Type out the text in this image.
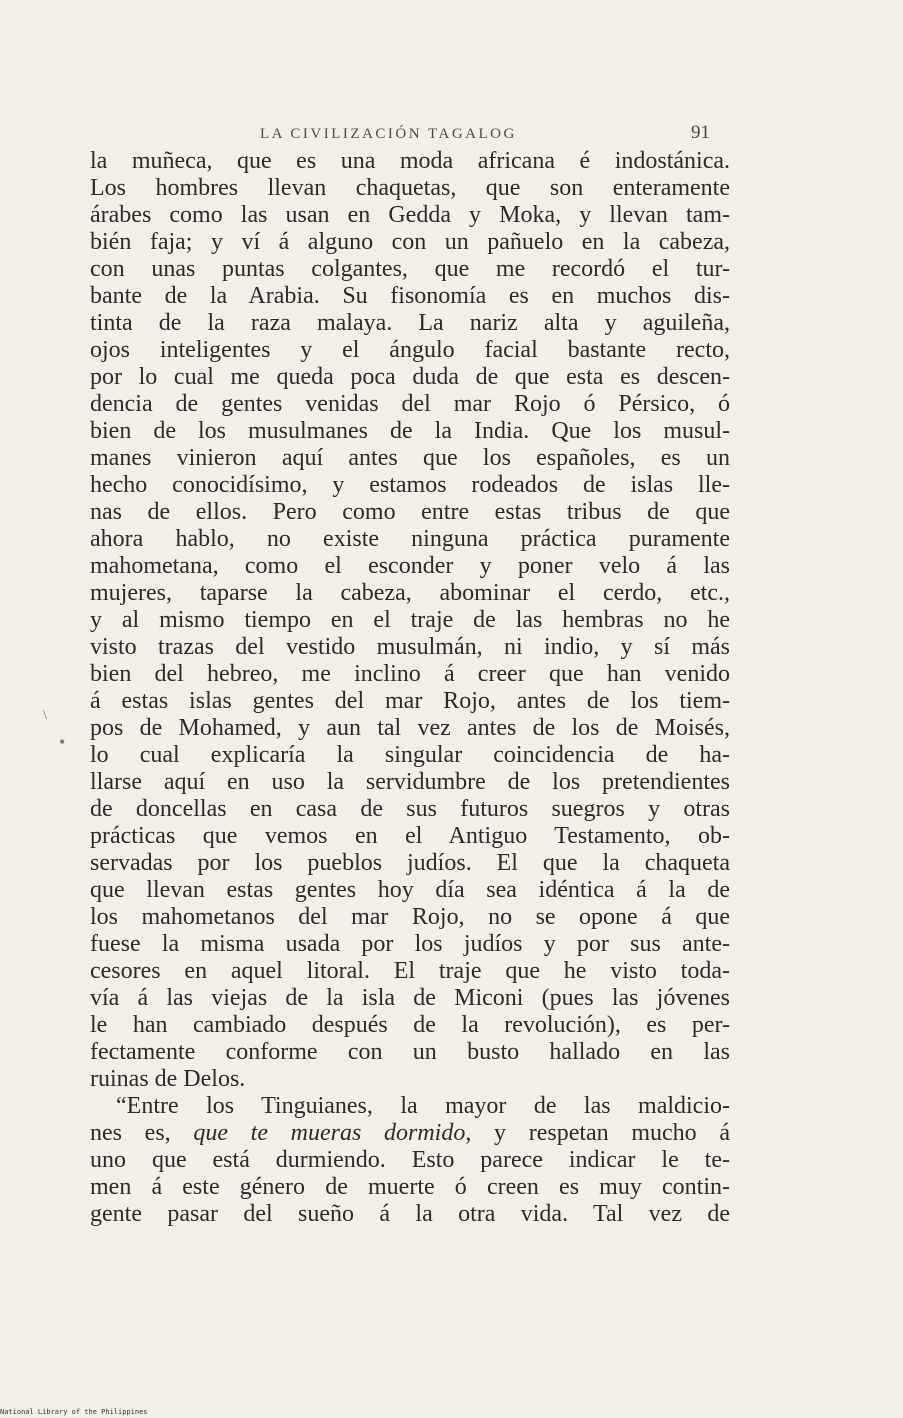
LA CIVILIZACIÓN TAGALOG	91
\
•
la muñeca, que es una moda africana é indostánica.
Los hombres llevan chaquetas, que son enteramente
árabes como las usan en Gedda y Moka, y llevan tam-
bién faja; y ví á alguno con un pañuelo en la cabeza,
con unas puntas colgantes, que me recordó el tur-
bante de la Arabia. Su fisonomía es en muchos dis-
tinta de la raza malaya. La nariz alta y aguileña,
ojos inteligentes y el ángulo facial bastante recto,
por lo cual me queda poca duda de que esta es descen-
dencia de gentes venidas del mar Rojo ó Pérsico, ó
bien de los musulmanes de la India. Que los musul-
manes vinieron aquí antes que los españoles, es un
hecho conocidísimo, y estamos rodeados de islas lle-
nas de ellos. Pero como entre estas tribus de que
ahora hablo, no existe ninguna práctica puramente
mahometana, como el esconder y poner velo á las
mujeres, taparse la cabeza, abominar el cerdo, etc.,
y al mismo tiempo en el traje de las hembras no he
visto trazas del vestido musulmán, ni indio, y sí más
bien del hebreo, me inclino á creer que han venido
á estas islas gentes del mar Rojo, antes de los tiem-
pos de Mohamed, y aun tal vez antes de los de Moisés,
lo cual explicaría la singular coincidencia de ha-
llarse aquí en uso la servidumbre de los pretendientes
de doncellas en casa de sus futuros suegros y otras
prácticas que vemos en el Antiguo Testamento, ob-
servadas por los pueblos judíos. El que la chaqueta
que llevan estas gentes hoy día sea idéntica á la de
los mahometanos del mar Rojo, no se opone á que
fuese la misma usada por los judíos y por sus ante-
cesores en aquel litoral. El traje que he visto toda-
vía á las viejas de la isla de Miconi (pues las jóvenes
le han cambiado después de la revolución), es per-
fectamente conforme con un busto hallado en las
ruinas de Delos.
“Entre los Tinguianes, la mayor de las maldicio-
nes es, que te mueras dormido, y respetan mucho á
uno que está durmiendo. Esto parece indicar le te-
men á este género de muerte ó creen es muy contin-
gente pasar del sueño á la otra vida. Tal vez de
National Library of the Philippines
